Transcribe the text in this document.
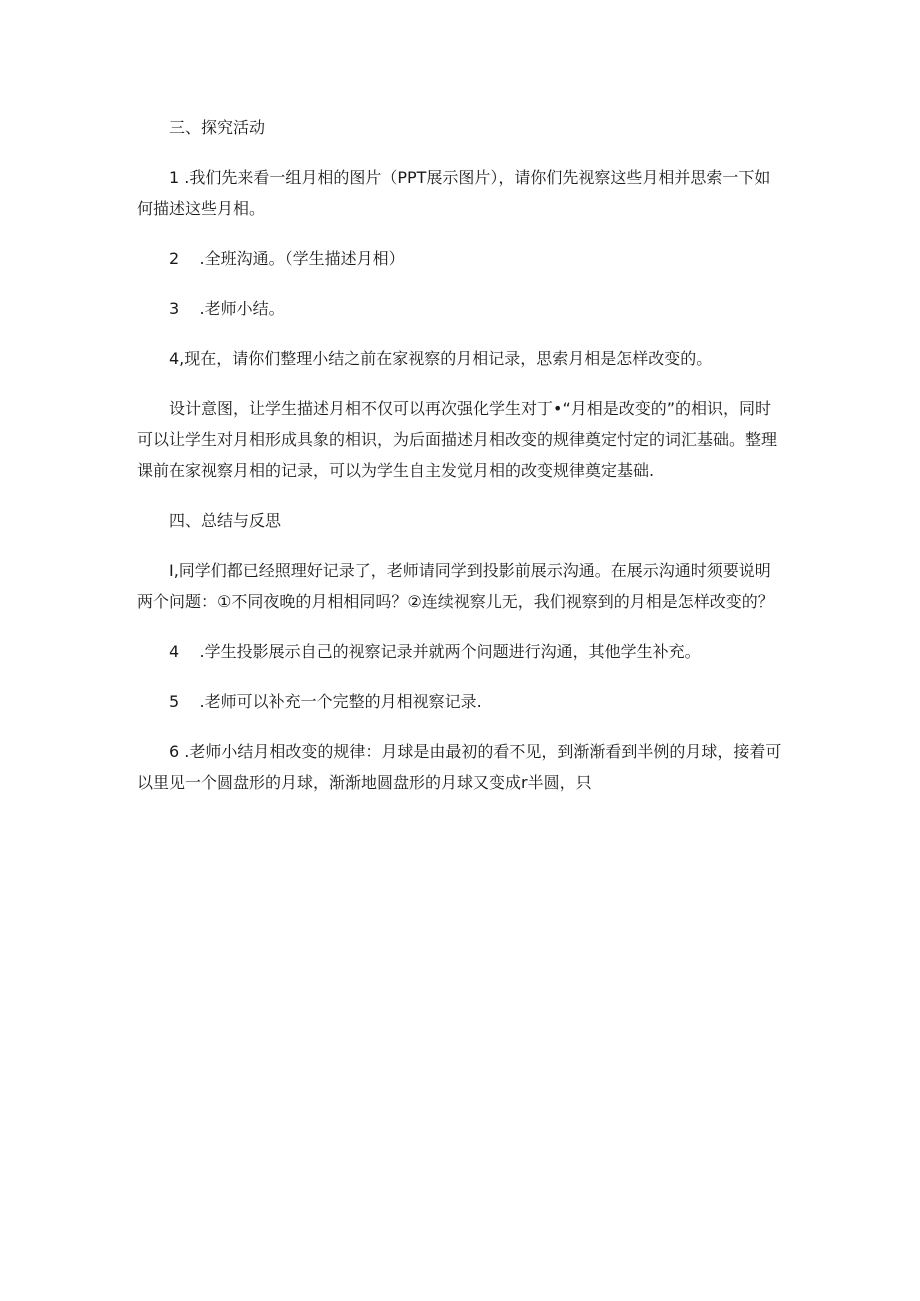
三、探究活动

1 .我们先来看一组月相的图片（PPT展示图片），请你们先视察这些月相并思索一下如何描述这些月相。

2    .全班沟通。（学生描述月相）

3    .老师小结。

4,现在，请你们整理小结之前在家视察的月相记录，思索月相是怎样改变的。

设计意图，让学生描述月相不仅可以再次强化学生对丁•“月相是改变的”的相识，同时可以让学生对月相形成具象的相识，为后面描述月相改变的规律奠定忖定的词汇基础。整理课前在家视察月相的记录，可以为学生自主发觉月相的改变规律奠定基础.

四、总结与反思

I,同学们都已经照理好记录了，老师请同学到投影前展示沟通。在展示沟通时须要说明两个问题：①不同夜晚的月相相同吗？②连续视察儿无，我们视察到的月相是怎样改变的？

4    .学生投影展示自己的视察记录并就两个问题进行沟通，其他学生补充。

5    .老师可以补充一个完整的月相视察记录.

6 .老师小结月相改变的规律：月球是由最初的看不见，到渐渐看到半例的月球，接着可以里见一个圆盘形的月球，渐渐地圆盘形的月球又变成r半圆，只
